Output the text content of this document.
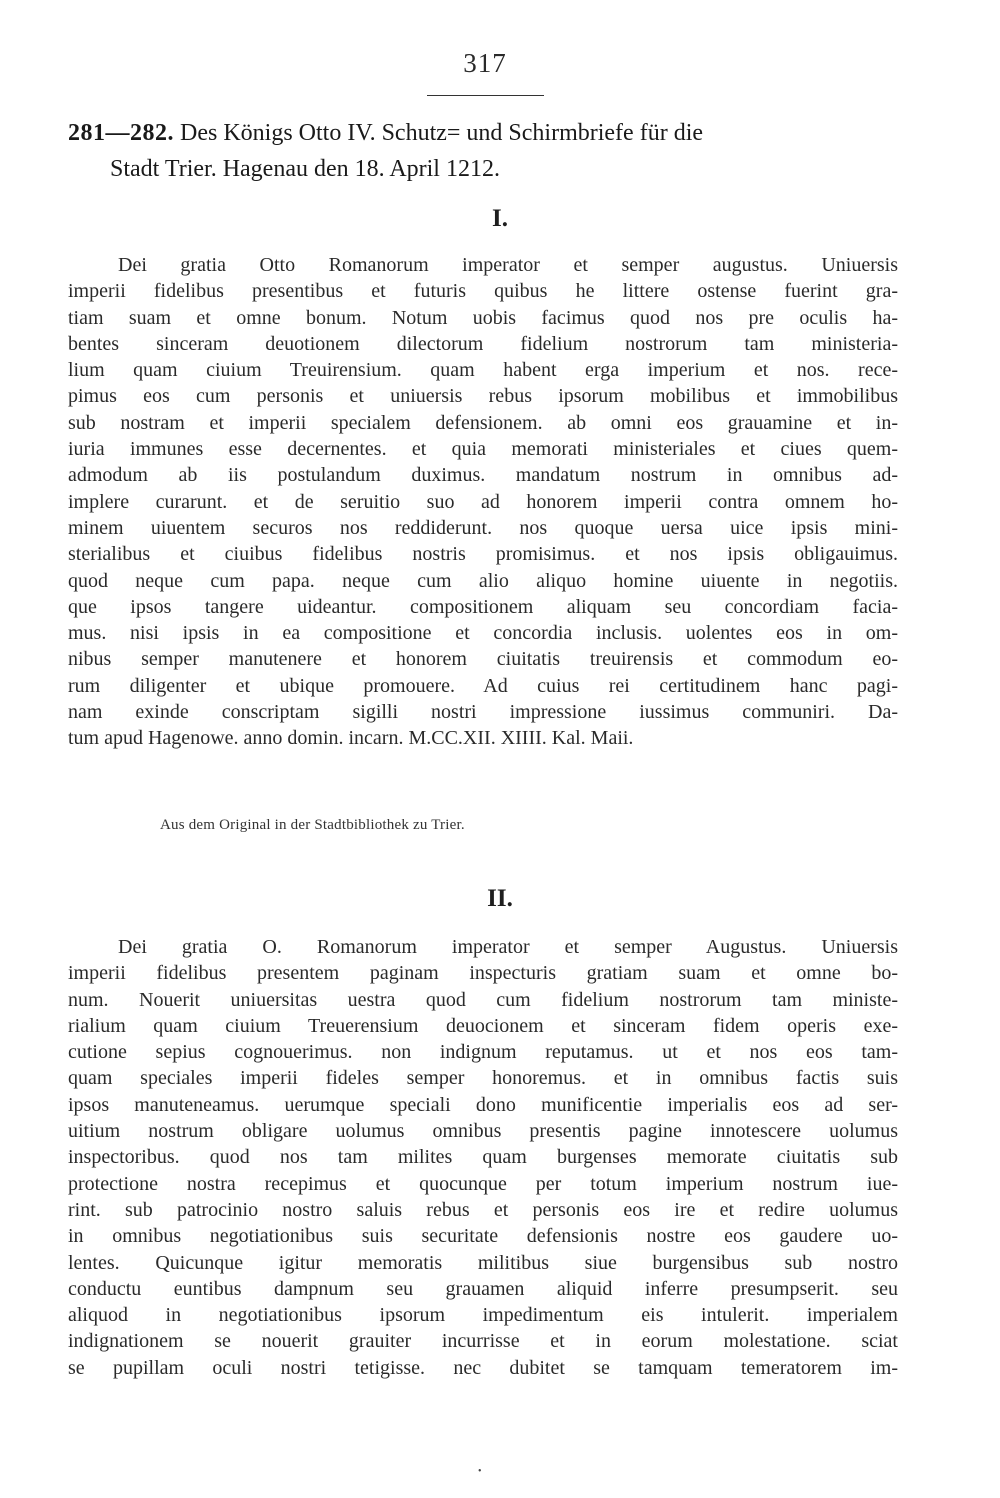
317
281—282. Des Königs Otto IV. Schutz= und Schirmbriefe für die
Stadt Trier. Hagenau den 18. April 1212.
I.
Dei gratia Otto Romanorum imperator et semper augustus. Uniuersis
imperii fidelibus presentibus et futuris quibus he littere ostense fuerint gra-
tiam suam et omne bonum. Notum uobis facimus quod nos pre oculis ha-
bentes sinceram deuotionem dilectorum fidelium nostrorum tam ministeria-
lium quam ciuium Treuirensium. quam habent erga imperium et nos. rece-
pimus eos cum personis et uniuersis rebus ipsorum mobilibus et immobilibus
sub nostram et imperii specialem defensionem. ab omni eos grauamine et in-
iuria immunes esse decernentes. et quia memorati ministeriales et ciues quem-
admodum ab iis postulandum duximus. mandatum nostrum in omnibus ad-
implere curarunt. et de seruitio suo ad honorem imperii contra omnem ho-
minem uiuentem securos nos reddiderunt. nos quoque uersa uice ipsis mini-
sterialibus et ciuibus fidelibus nostris promisimus. et nos ipsis obligauimus.
quod neque cum papa. neque cum alio aliquo homine uiuente in negotiis.
que ipsos tangere uideantur. compositionem aliquam seu concordiam facia-
mus. nisi ipsis in ea compositione et concordia inclusis. uolentes eos in om-
nibus semper manutenere et honorem ciuitatis treuirensis et commodum eo-
rum diligenter et ubique promouere. Ad cuius rei certitudinem hanc pagi-
nam exinde conscriptam sigilli nostri impressione iussimus communiri. Da-
tum apud Hagenowe. anno domin. incarn. M.CC.XII. XIIII. Kal. Maii.
Aus dem Original in der Stadtbibliothek zu Trier.
II.
Dei gratia O. Romanorum imperator et semper Augustus. Uniuersis
imperii fidelibus presentem paginam inspecturis gratiam suam et omne bo-
num. Nouerit uniuersitas uestra quod cum fidelium nostrorum tam ministe-
rialium quam ciuium Treuerensium deuocionem et sinceram fidem operis exe-
cutione sepius cognouerimus. non indignum reputamus. ut et nos eos tam-
quam speciales imperii fideles semper honoremus. et in omnibus factis suis
ipsos manuteneamus. uerumque speciali dono munificentie imperialis eos ad ser-
uitium nostrum obligare uolumus omnibus presentis pagine innotescere uolumus
inspectoribus. quod nos tam milites quam burgenses memorate ciuitatis sub
protectione nostra recepimus et quocunque per totum imperium nostrum iue-
rint. sub patrocinio nostro saluis rebus et personis eos ire et redire uolumus
in omnibus negotiationibus suis securitate defensionis nostre eos gaudere uo-
lentes. Quicunque igitur memoratis militibus siue burgensibus sub nostro
conductu euntibus dampnum seu grauamen aliquid inferre presumpserit. seu
aliquod in negotiationibus ipsorum impedimentum eis intulerit. imperialem
indignationem se nouerit grauiter incurrisse et in eorum molestatione. sciat
se pupillam oculi nostri tetigisse. nec dubitet se tamquam temeratorem im-
•
